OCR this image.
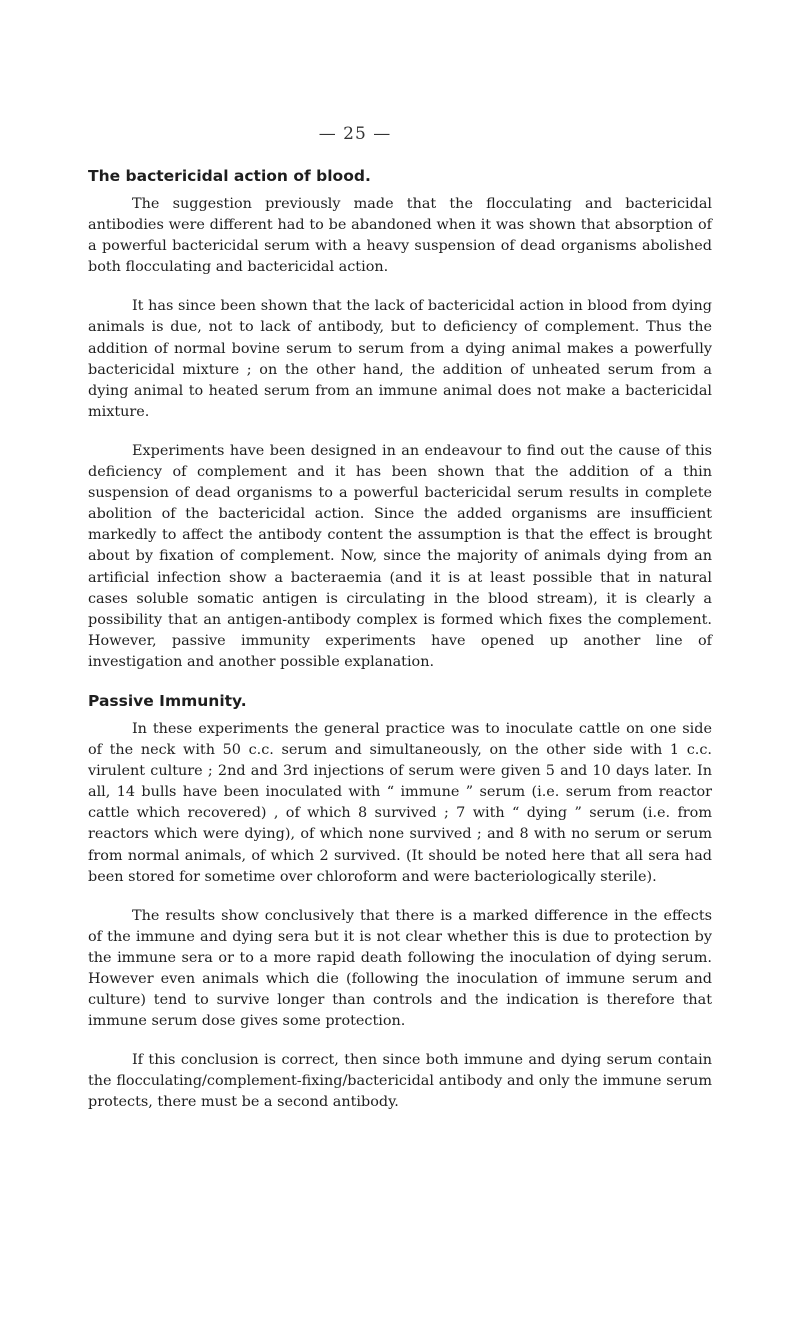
— 25 —
The bactericidal action of blood.

The suggestion previously made that the flocculating and bactericidal antibodies were different had to be abandoned when it was shown that absorption of a powerful bactericidal serum with a heavy suspension of dead organisms abolished both flocculating and bactericidal action.

It has since been shown that the lack of bactericidal action in blood from dying animals is due, not to lack of antibody, but to deficiency of complement. Thus the addition of normal bovine serum to serum from a dying animal makes a powerfully bactericidal mixture ; on the other hand, the addition of unheated serum from a dying animal to heated serum from an immune animal does not make a bactericidal mixture.

Experiments have been designed in an endeavour to find out the cause of this deficiency of complement and it has been shown that the addition of a thin suspension of dead organisms to a powerful bactericidal serum results in complete abolition of the bactericidal action. Since the added organisms are insufficient markedly to affect the antibody content the assumption is that the effect is brought about by fixation of complement. Now, since the majority of animals dying from an artificial infection show a bacteraemia (and it is at least possible that in natural cases soluble somatic antigen is circulating in the blood stream), it is clearly a possibility that an antigen-antibody complex is formed which fixes the complement. However, passive immunity experiments have opened up another line of investigation and another possible explanation.

Passive Immunity.

In these experiments the general practice was to inoculate cattle on one side of the neck with 50 c.c. serum and simultaneously, on the other side with 1 c.c. virulent culture ; 2nd and 3rd injections of serum were given 5 and 10 days later. In all, 14 bulls have been inoculated with “ immune ” serum (i.e. serum from reactor cattle which recovered) , of which 8 survived ; 7 with “ dying ” serum (i.e. from reactors which were dying), of which none survived ; and 8 with no serum or serum from normal animals, of which 2 survived. (It should be noted here that all sera had been stored for sometime over chloroform and were bacteriologically sterile).

The results show conclusively that there is a marked difference in the effects of the immune and dying sera but it is not clear whether this is due to protection by the immune sera or to a more rapid death following the inoculation of dying serum. However even animals which die (following the inoculation of immune serum and culture) tend to survive longer than controls and the indication is therefore that immune serum dose gives some protection.

If this conclusion is correct, then since both immune and dying serum contain the flocculating/complement-fixing/bactericidal antibody and only the immune serum protects, there must be a second antibody.
